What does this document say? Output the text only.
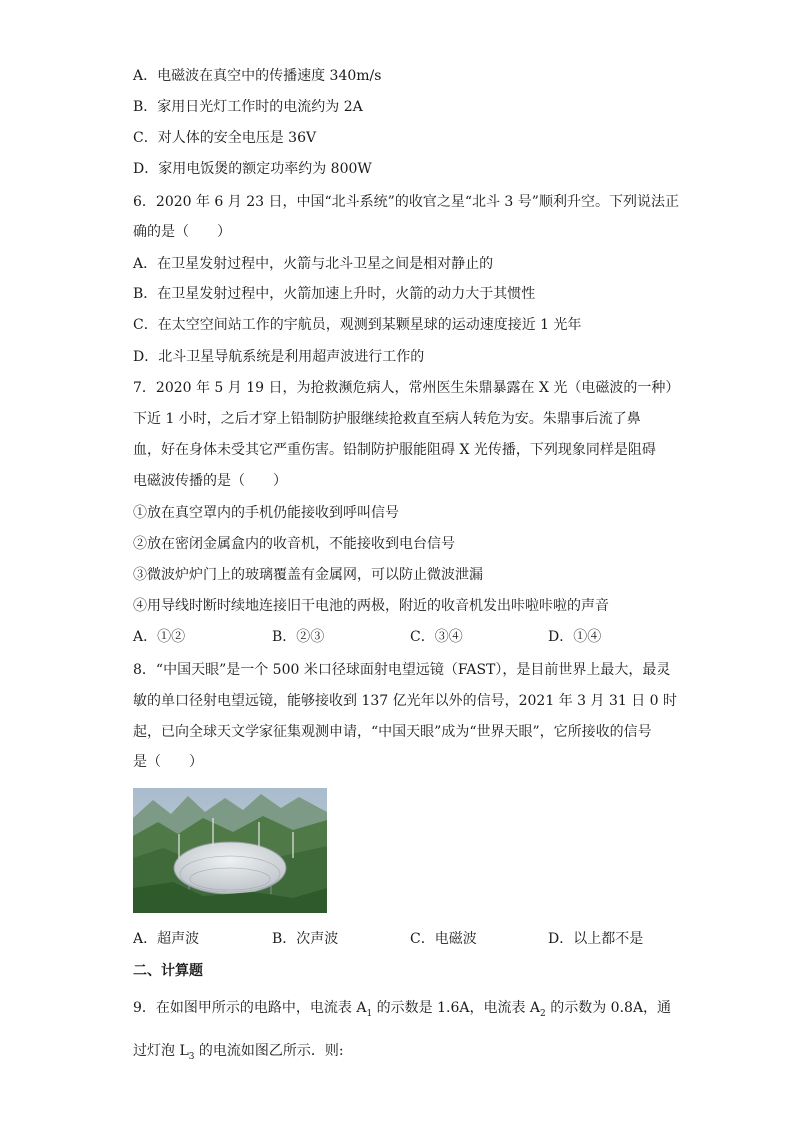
A．电磁波在真空中的传播速度 340m/s
B．家用日光灯工作时的电流约为 2A
C．对人体的安全电压是 36V
D．家用电饭煲的额定功率约为 800W
6．2020 年 6 月 23 日，中国“北斗系统”的收官之星“北斗 3 号”顺利升空。下列说法正
确的是（　　）
A．在卫星发射过程中，火箭与北斗卫星之间是相对静止的
B．在卫星发射过程中，火箭加速上升时，火箭的动力大于其惯性
C．在太空空间站工作的宇航员，观测到某颗星球的运动速度接近 1 光年
D．北斗卫星导航系统是利用超声波进行工作的
7．2020 年 5 月 19 日，为抢救濒危病人，常州医生朱鼎暴露在 X 光（电磁波的一种）
下近 1 小时，之后才穿上铅制防护服继续抢救直至病人转危为安。朱鼎事后流了鼻
血，好在身体未受其它严重伤害。铅制防护服能阻碍 X 光传播，下列现象同样是阻碍
电磁波传播的是（　　）
①放在真空罩内的手机仍能接收到呼叫信号
②放在密闭金属盒内的收音机，不能接收到电台信号
③微波炉炉门上的玻璃覆盖有金属网，可以防止微波泄漏
④用导线时断时续地连接旧干电池的两极，附近的收音机发出咔啦咔啦的声音
A．①②	B．②③	C．③④	D．①④
8．“中国天眼”是一个 500 米口径球面射电望远镜（FAST），是目前世界上最大，最灵
敏的单口径射电望远镜，能够接收到 137 亿光年以外的信号，2021 年 3 月 31 日 0 时
起，已向全球天文学家征集观测申请，“中国天眼”成为“世界天眼”，它所接收的信号
是（　　）
A．超声波	B．次声波	C．电磁波	D．以上都不是
二、计算题
9．在如图甲所示的电路中，电流表 $A_1$ 的示数是 1.6A，电流表 $A_2$ 的示数为 0.8A，通
过灯泡 $L_3$ 的电流如图乙所示．则:
